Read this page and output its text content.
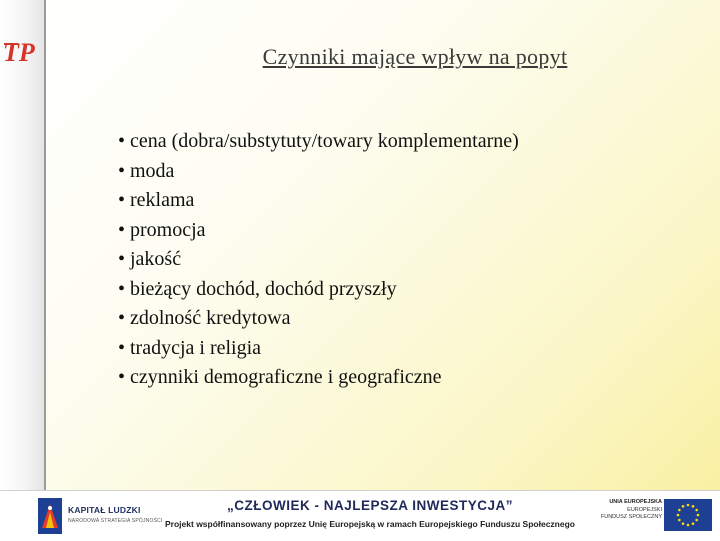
TP	Czynniki mające wpływ na popyt
• cena (dobra/substytuty/towary komplementarne)
• moda
• reklama
• promocja
• jakość
• bieżący dochód, dochód przyszły
• zdolność kredytowa
• tradycja i religia
• czynniki demograficzne i geograficzne
KAPITAŁ LUDZKI
NARODOWA STRATEGIA SPÓJNOŚCI
„CZŁOWIEK - NAJLEPSZA INWESTYCJA”
Projekt współfinansowany poprzez Unię Europejską w ramach Europejskiego Funduszu Społecznego
UNIA EUROPEJSKA
EUROPEJSKI
FUNDUSZ SPOŁECZNY
